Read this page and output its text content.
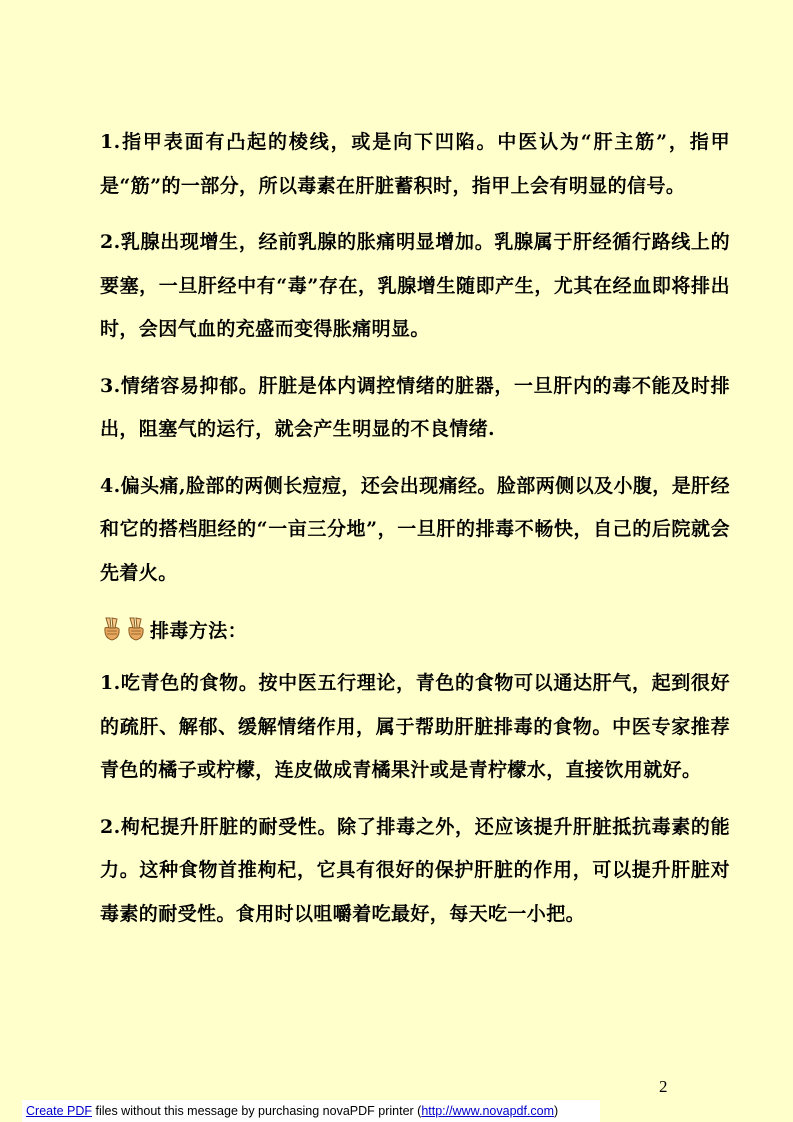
1.指甲表面有凸起的棱线，或是向下凹陷。中医认为“肝主筋”，指甲是“筋”的一部分，所以毒素在肝脏蓄积时，指甲上会有明显的信号。

2.乳腺出现增生，经前乳腺的胀痛明显增加。乳腺属于肝经循行路线上的要塞，一旦肝经中有“毒”存在，乳腺增生随即产生，尤其在经血即将排出时，会因气血的充盛而变得胀痛明显。

3.情绪容易抑郁。肝脏是体内调控情绪的脏器，一旦肝内的毒不能及时排出，阻塞气的运行，就会产生明显的不良情绪.

4.偏头痛,脸部的两侧长痘痘，还会出现痛经。脸部两侧以及小腹，是肝经和它的搭档胆经的“一亩三分地”，一旦肝的排毒不畅快，自己的后院就会先着火。

排毒方法：

1.吃青色的食物。按中医五行理论，青色的食物可以通达肝气，起到很好的疏肝、解郁、缓解情绪作用，属于帮助肝脏排毒的食物。中医专家推荐青色的橘子或柠檬，连皮做成青橘果汁或是青柠檬水，直接饮用就好。

2.枸杞提升肝脏的耐受性。除了排毒之外，还应该提升肝脏抵抗毒素的能力。这种食物首推枸杞，它具有很好的保护肝脏的作用，可以提升肝脏对毒素的耐受性。食用时以咀嚼着吃最好，每天吃一小把。

2
Create PDF files without this message by purchasing novaPDF printer (http://www.novapdf.com)
